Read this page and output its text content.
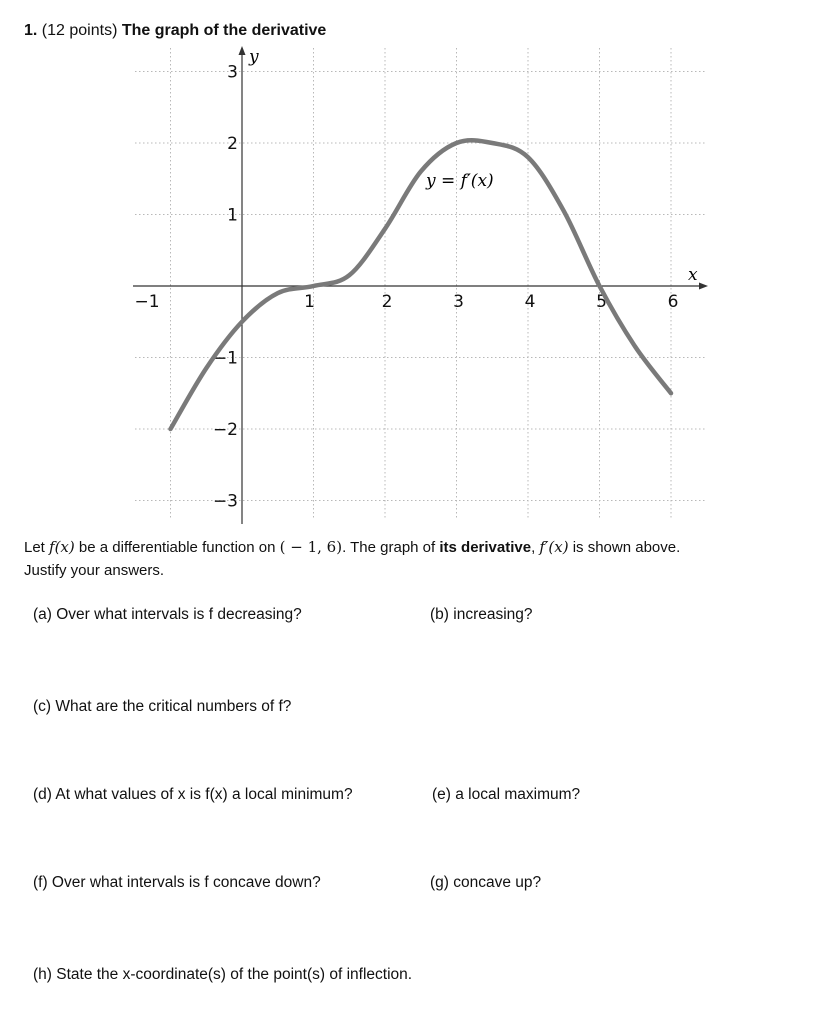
1. (12 points) The graph of the derivative
x
y
−1	1	2	3	4	5	6
3
2
1
−1
−2
−3
y = f′(x)
Let f(x) be a differentiable function on ( − 1, 6). The graph of its derivative, f′(x) is shown above.
Justify your answers.
(a) Over what intervals is f decreasing?	(b) increasing?
(c) What are the critical numbers of f?
(d) At what values of x is f(x) a local minimum?	(e) a local maximum?
(f) Over what intervals is f concave down?	(g) concave up?
(h) State the x-coordinate(s) of the point(s) of inflection.
